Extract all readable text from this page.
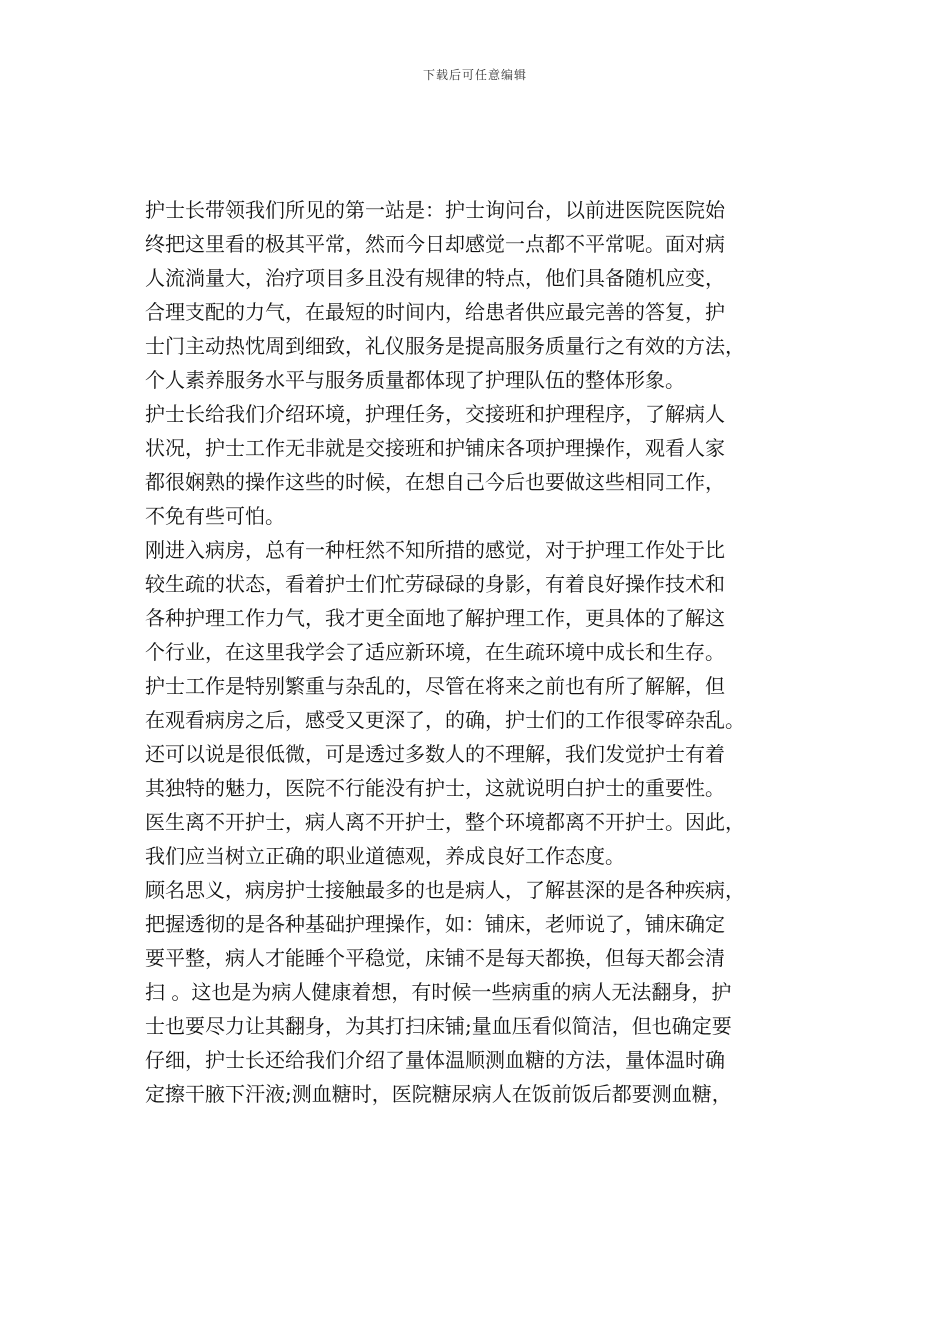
下载后可任意编辑
护士长带领我们所见的第一站是：护士询问台，以前进医院医院始
终把这里看的极其平常，然而今日却感觉一点都不平常呢。面对病
人流淌量大，治疗项目多且没有规律的特点，他们具备随机应变，
合理支配的力气，在最短的时间内，给患者供应最完善的答复，护
士门主动热忱周到细致，礼仪服务是提高服务质量行之有效的方法，
个人素养服务水平与服务质量都体现了护理队伍的整体形象。
护士长给我们介绍环境，护理任务，交接班和护理程序，了解病人
状况，护士工作无非就是交接班和护铺床各项护理操作，观看人家
都很娴熟的操作这些的时候，在想自己今后也要做这些相同工作，
不免有些可怕。
刚进入病房，总有一种枉然不知所措的感觉，对于护理工作处于比
较生疏的状态，看着护士们忙劳碌碌的身影，有着良好操作技术和
各种护理工作力气，我才更全面地了解护理工作，更具体的了解这
个行业，在这里我学会了适应新环境，在生疏环境中成长和生存。
护士工作是特别繁重与杂乱的，尽管在将来之前也有所了解解，但
在观看病房之后，感受又更深了，的确，护士们的工作很零碎杂乱。
还可以说是很低微，可是透过多数人的不理解，我们发觉护士有着
其独特的魅力，医院不行能没有护士，这就说明白护士的重要性。
医生离不开护士，病人离不开护士，整个环境都离不开护士。因此，
我们应当树立正确的职业道德观，养成良好工作态度。
顾名思义，病房护士接触最多的也是病人，了解甚深的是各种疾病，
把握透彻的是各种基础护理操作，如：铺床，老师说了，铺床确定
要平整，病人才能睡个平稳觉，床铺不是每天都换，但每天都会清
扫 。这也是为病人健康着想，有时候一些病重的病人无法翻身，护
士也要尽力让其翻身，为其打扫床铺;量血压看似简洁，但也确定要
仔细，护士长还给我们介绍了量体温顺测血糖的方法，量体温时确
定擦干腋下汗液;测血糖时，医院糖尿病人在饭前饭后都要测血糖，
